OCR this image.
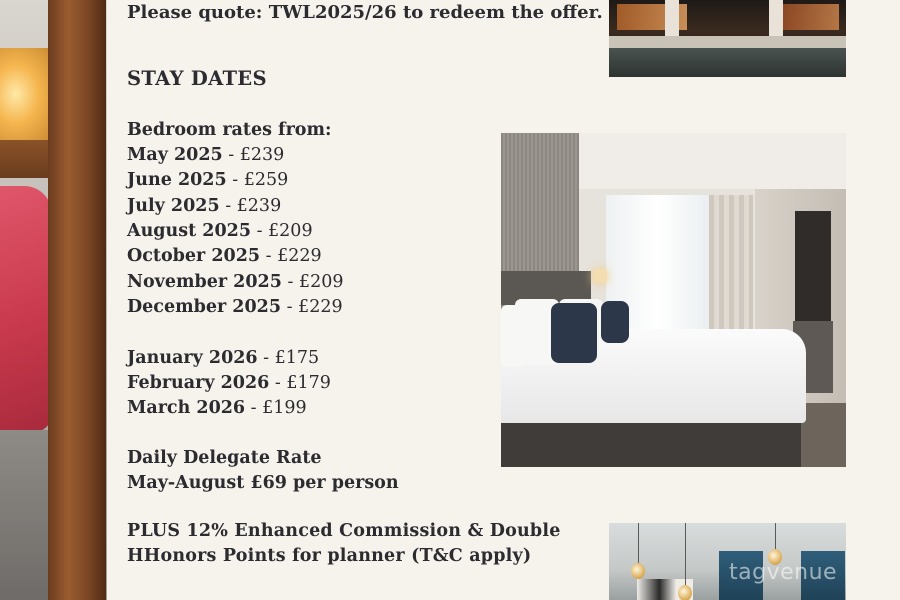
Please quote: TWL2025/26 to redeem the offer.
STAY DATES
Bedroom rates from:
May 2025 - £239
June 2025 - £259
July 2025 - £239
August 2025 - £209
October 2025 - £229
November 2025 - £209
December 2025 - £229
January 2026 - £175
February 2026 - £179
March 2026 - £199
Daily Delegate Rate
May-August £69 per person
PLUS 12% Enhanced Commission & Double
HHonors Points for planner (T&C apply)
tagvenue
